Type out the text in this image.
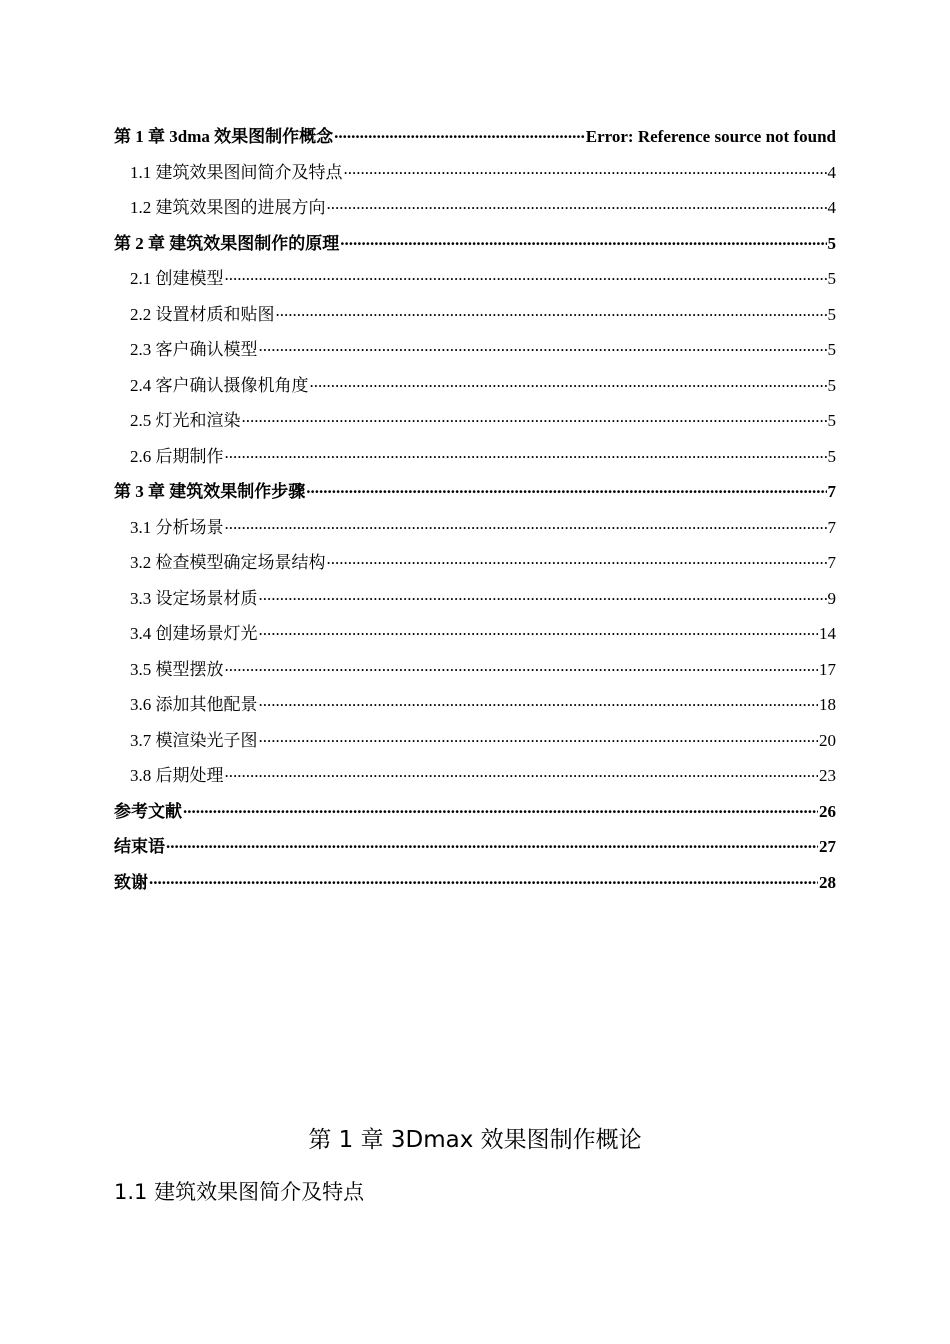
第 1 章 3dma 效果图制作概念 .....	Error: Reference source not found
1.1 建筑效果图间简介及特点 .....	4
1.2 建筑效果图的进展方向 .....	4
第 2 章 建筑效果图制作的原理 .....	5
2.1 创建模型 .....	5
2.2 设置材质和贴图 .....	5
2.3 客户确认模型 .....	5
2.4 客户确认摄像机角度 .....	5
2.5 灯光和渲染 .....	5
2.6 后期制作 .....	5
第 3 章 建筑效果制作步骤 .....	7
3.1 分析场景 .....	7
3.2 检查模型确定场景结构 .....	7
3.3 设定场景材质 .....	9
3.4 创建场景灯光 .....	14
3.5 模型摆放 .....	17
3.6 添加其他配景 .....	18
3.7 模渲染光子图 .....	20
3.8 后期处理 .....	23
参考文献 .....	26
结束语 .....	27
致谢 .....	28
第 1 章 3Dmax 效果图制作概论
1.1 建筑效果图简介及特点
